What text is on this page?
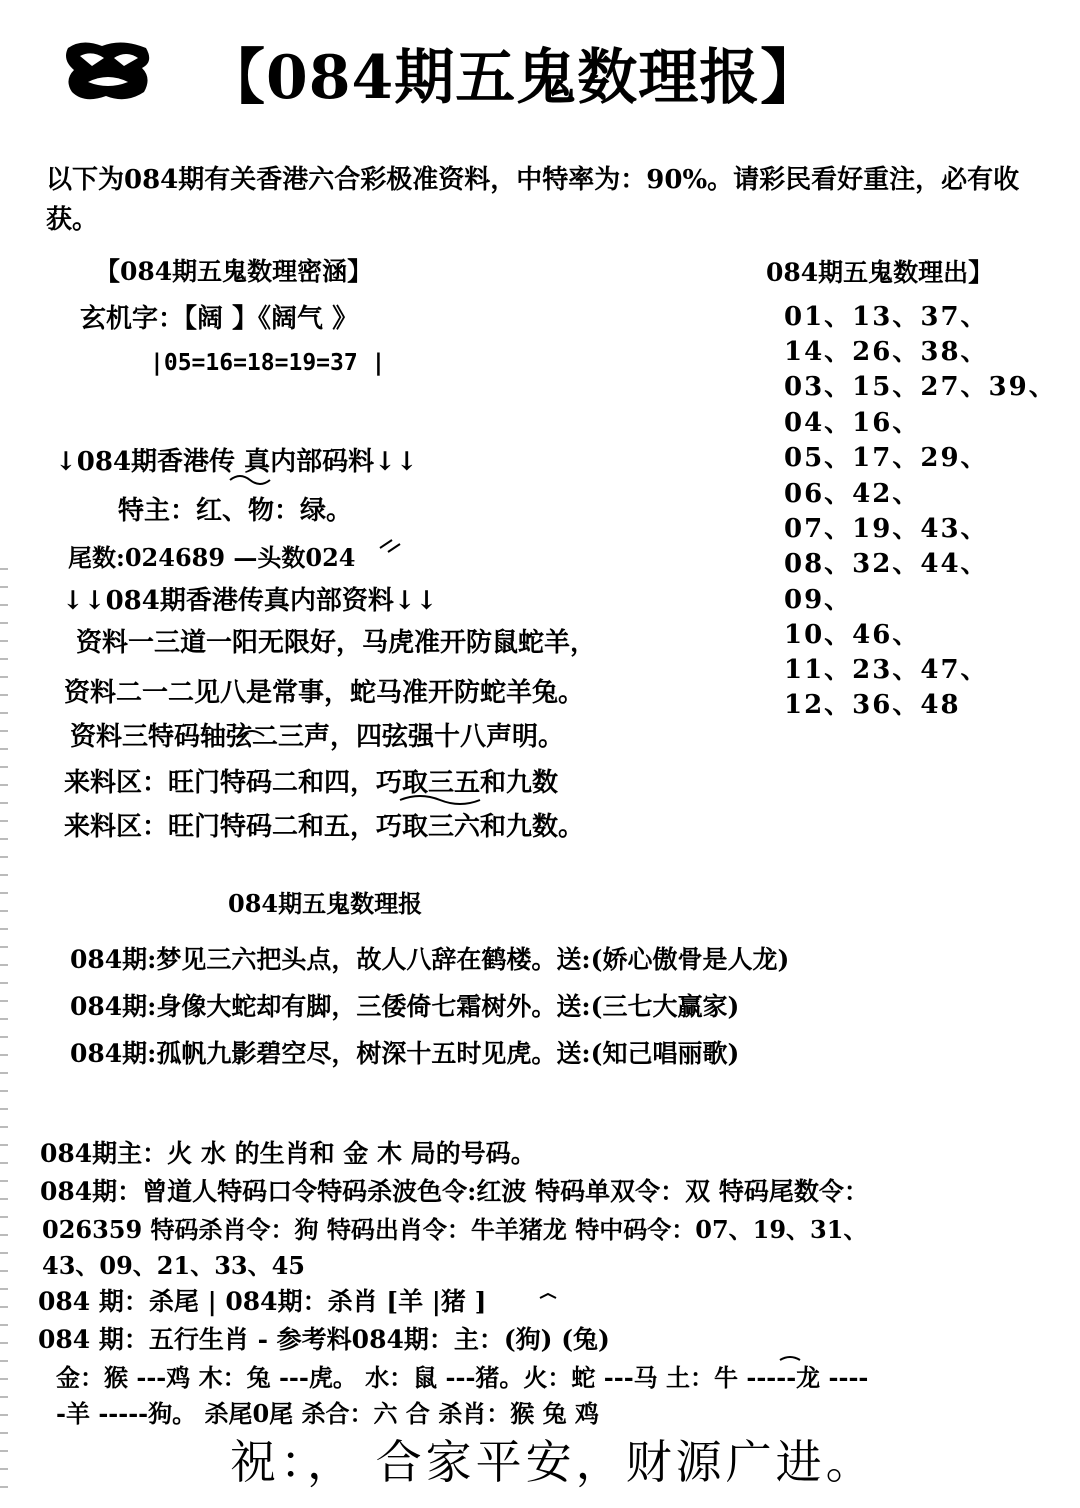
【084期五鬼数理报】
以下为084期有关香港六合彩极准资料，中特率为：90%。请彩民看好重注，必有收获。
【084期五鬼数理密涵】
玄机字：【阔 】《阔气 》
|05=16=18=19=37 |
↓084期香港传 真内部码料↓↓
特主：红、物：绿。
尾数:024689 —头数024
↓↓084期香港传真内部资料↓↓
资料一三道一阳无限好，马虎准开防鼠蛇羊，
资料二一二见八是常事，蛇马准开防蛇羊兔。
资料三特码轴弦二三声，四弦强十八声明。
来料区：旺门特码二和四，巧取三五和九数
来料区：旺门特码二和五，巧取三六和九数。
084期五鬼数理出】
01、13、37、
14、26、38、
03、15、27、39、
04、16、
05、17、29、
06、42、
07、19、43、
08、32、44、
09、
10、46、
11、23、47、
12、36、48
084期五鬼数理报
084期:梦见三六把头点，故人八辞在鹤楼。送:(娇心傲骨是人龙)
084期:身像大蛇却有脚，三倭倚七霜树外。送:(三七大赢家)
084期:孤帆九影碧空尽，树深十五时见虎。送:(知己唱丽歌)
084期主：火 水 的生肖和 金 木 局的号码。
084期：曾道人特码口令特码杀波色令:红波 特码单双令：双 特码尾数令：
026359 特码杀肖令：狗 特码出肖令：牛羊猪龙 特中码令：07、19、31、
43、09、21、33、45
084 期：杀尾 | 084期：杀肖 [羊 |猪 ]
084 期：五行生肖 - 参考料084期：主：(狗) (兔)
金：猴 ---鸡 木：兔 ---虎。 水：鼠 ---猪。火：蛇 ---马 土：牛 -----龙 ----
-羊 -----狗。 杀尾0尾 杀合：六 合 杀肖：猴 兔 鸡
祝：， 合家平安，财源广进。
